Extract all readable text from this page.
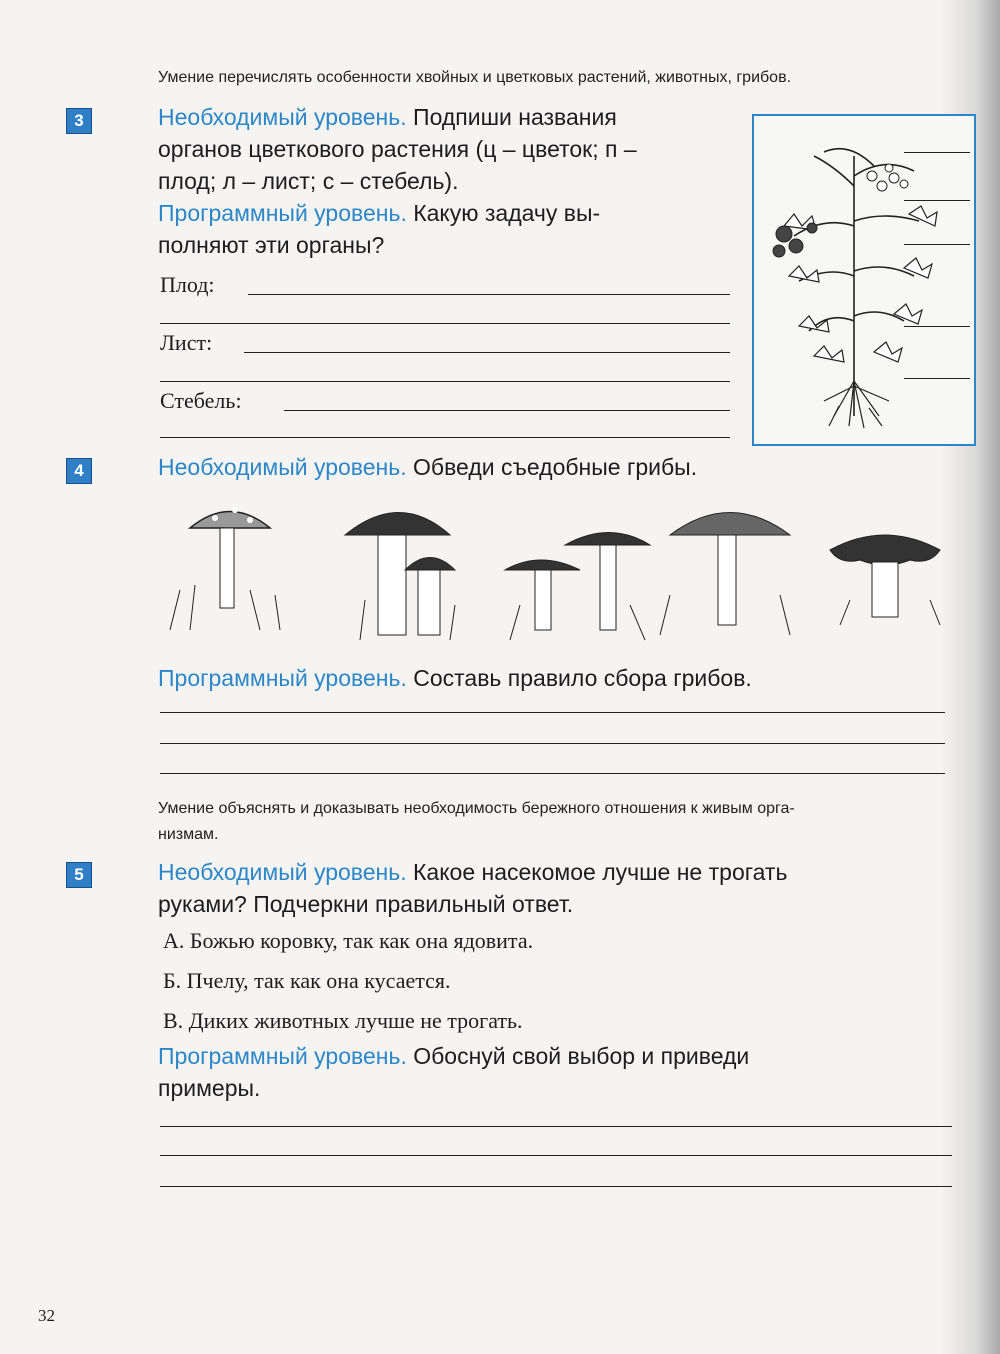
Умение перечислять особенности хвойных и цветковых растений, животных, грибов.
3	Необходимый уровень. Подпиши названия
органов цветкового растения (ц – цветок; п –
плод; л – лист; с – стебель).
Программный уровень. Какую задачу вы-
полняют эти органы?
Плод:
Лист:
Стебель:
4	Необходимый уровень. Обведи съедобные грибы.
Программный уровень. Составь правило сбора грибов.
Умение объяснять и доказывать необходимость бережного отношения к живым орга-
низмам.
5	Необходимый уровень. Какое насекомое лучше не трогать
руками? Подчеркни правильный ответ.
А. Божью коровку, так как она ядовита.
Б. Пчелу, так как она кусается.
В. Диких животных лучше не трогать.
Программный уровень. Обоснуй свой выбор и приведи
примеры.
32
